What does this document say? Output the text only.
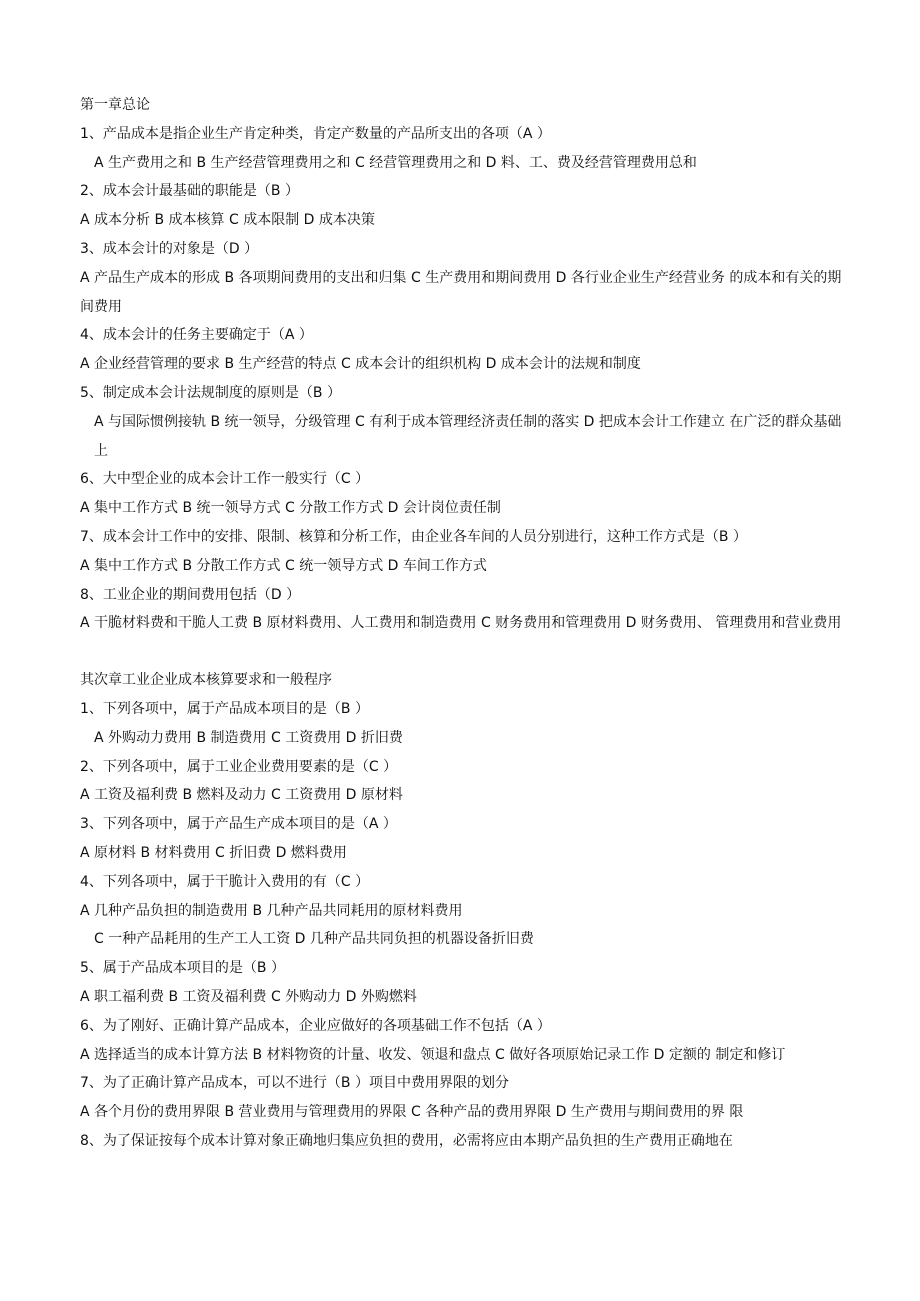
第一章总论

1、产品成本是指企业生产肯定种类，肯定产数量的产品所支出的各项（A ）

A 生产费用之和 B 生产经营管理费用之和 C 经营管理费用之和 D 料、工、费及经营管理费用总和

2、成本会计最基础的职能是（B ）

A 成本分析 B 成本核算 C 成本限制 D 成本决策

3、成本会计的对象是（D ）

A 产品生产成本的形成 B 各项期间费用的支出和归集 C 生产费用和期间费用 D 各行业企业生产经营业务 的成本和有关的期间费用

4、成本会计的任务主要确定于（A ）

A 企业经营管理的要求 B 生产经营的特点 C 成本会计的组织机构 D 成本会计的法规和制度

5、制定成本会计法规制度的原则是（B ）

A 与国际惯例接轨 B 统一领导，分级管理 C 有利于成本管理经济责任制的落实 D 把成本会计工作建立 在广泛的群众基础上

6、大中型企业的成本会计工作一般实行（C ）

A 集中工作方式 B 统一领导方式 C 分散工作方式 D 会计岗位责任制

7、成本会计工作中的安排、限制、核算和分析工作，由企业各车间的人员分别进行，这种工作方式是（B ）

A 集中工作方式 B 分散工作方式 C 统一领导方式 D 车间工作方式

8、工业企业的期间费用包括（D ）

A 干脆材料费和干脆人工费 B 原材料费用、人工费用和制造费用 C 财务费用和管理费用 D 财务费用、 管理费用和营业费用

其次章工业企业成本核算要求和一般程序

1、下列各项中，属于产品成本项目的是（B ）

A 外购动力费用 B 制造费用 C 工资费用 D 折旧费

2、下列各项中，属于工业企业费用要素的是（C ）

A 工资及福利费 B 燃料及动力 C 工资费用 D 原材料

3、下列各项中，属于产品生产成本项目的是（A ）

A 原材料 B 材料费用 C 折旧费 D 燃料费用

4、下列各项中，属于干脆计入费用的有（C ）

A 几种产品负担的制造费用 B 几种产品共同耗用的原材料费用

C 一种产品耗用的生产工人工资 D 几种产品共同负担的机器设备折旧费

5、属于产品成本项目的是（B ）

A 职工福利费 B 工资及福利费 C 外购动力 D 外购燃料

6、为了刚好、正确计算产品成本，企业应做好的各项基础工作不包括（A ）

A 选择适当的成本计算方法 B 材料物资的计量、收发、领退和盘点 C 做好各项原始记录工作 D 定额的 制定和修订

7、为了正确计算产品成本，可以不进行（B ）项目中费用界限的划分

A 各个月份的费用界限 B 营业费用与管理费用的界限 C 各种产品的费用界限 D 生产费用与期间费用的界 限

8、为了保证按每个成本计算对象正确地归集应负担的费用，必需将应由本期产品负担的生产费用正确地在
